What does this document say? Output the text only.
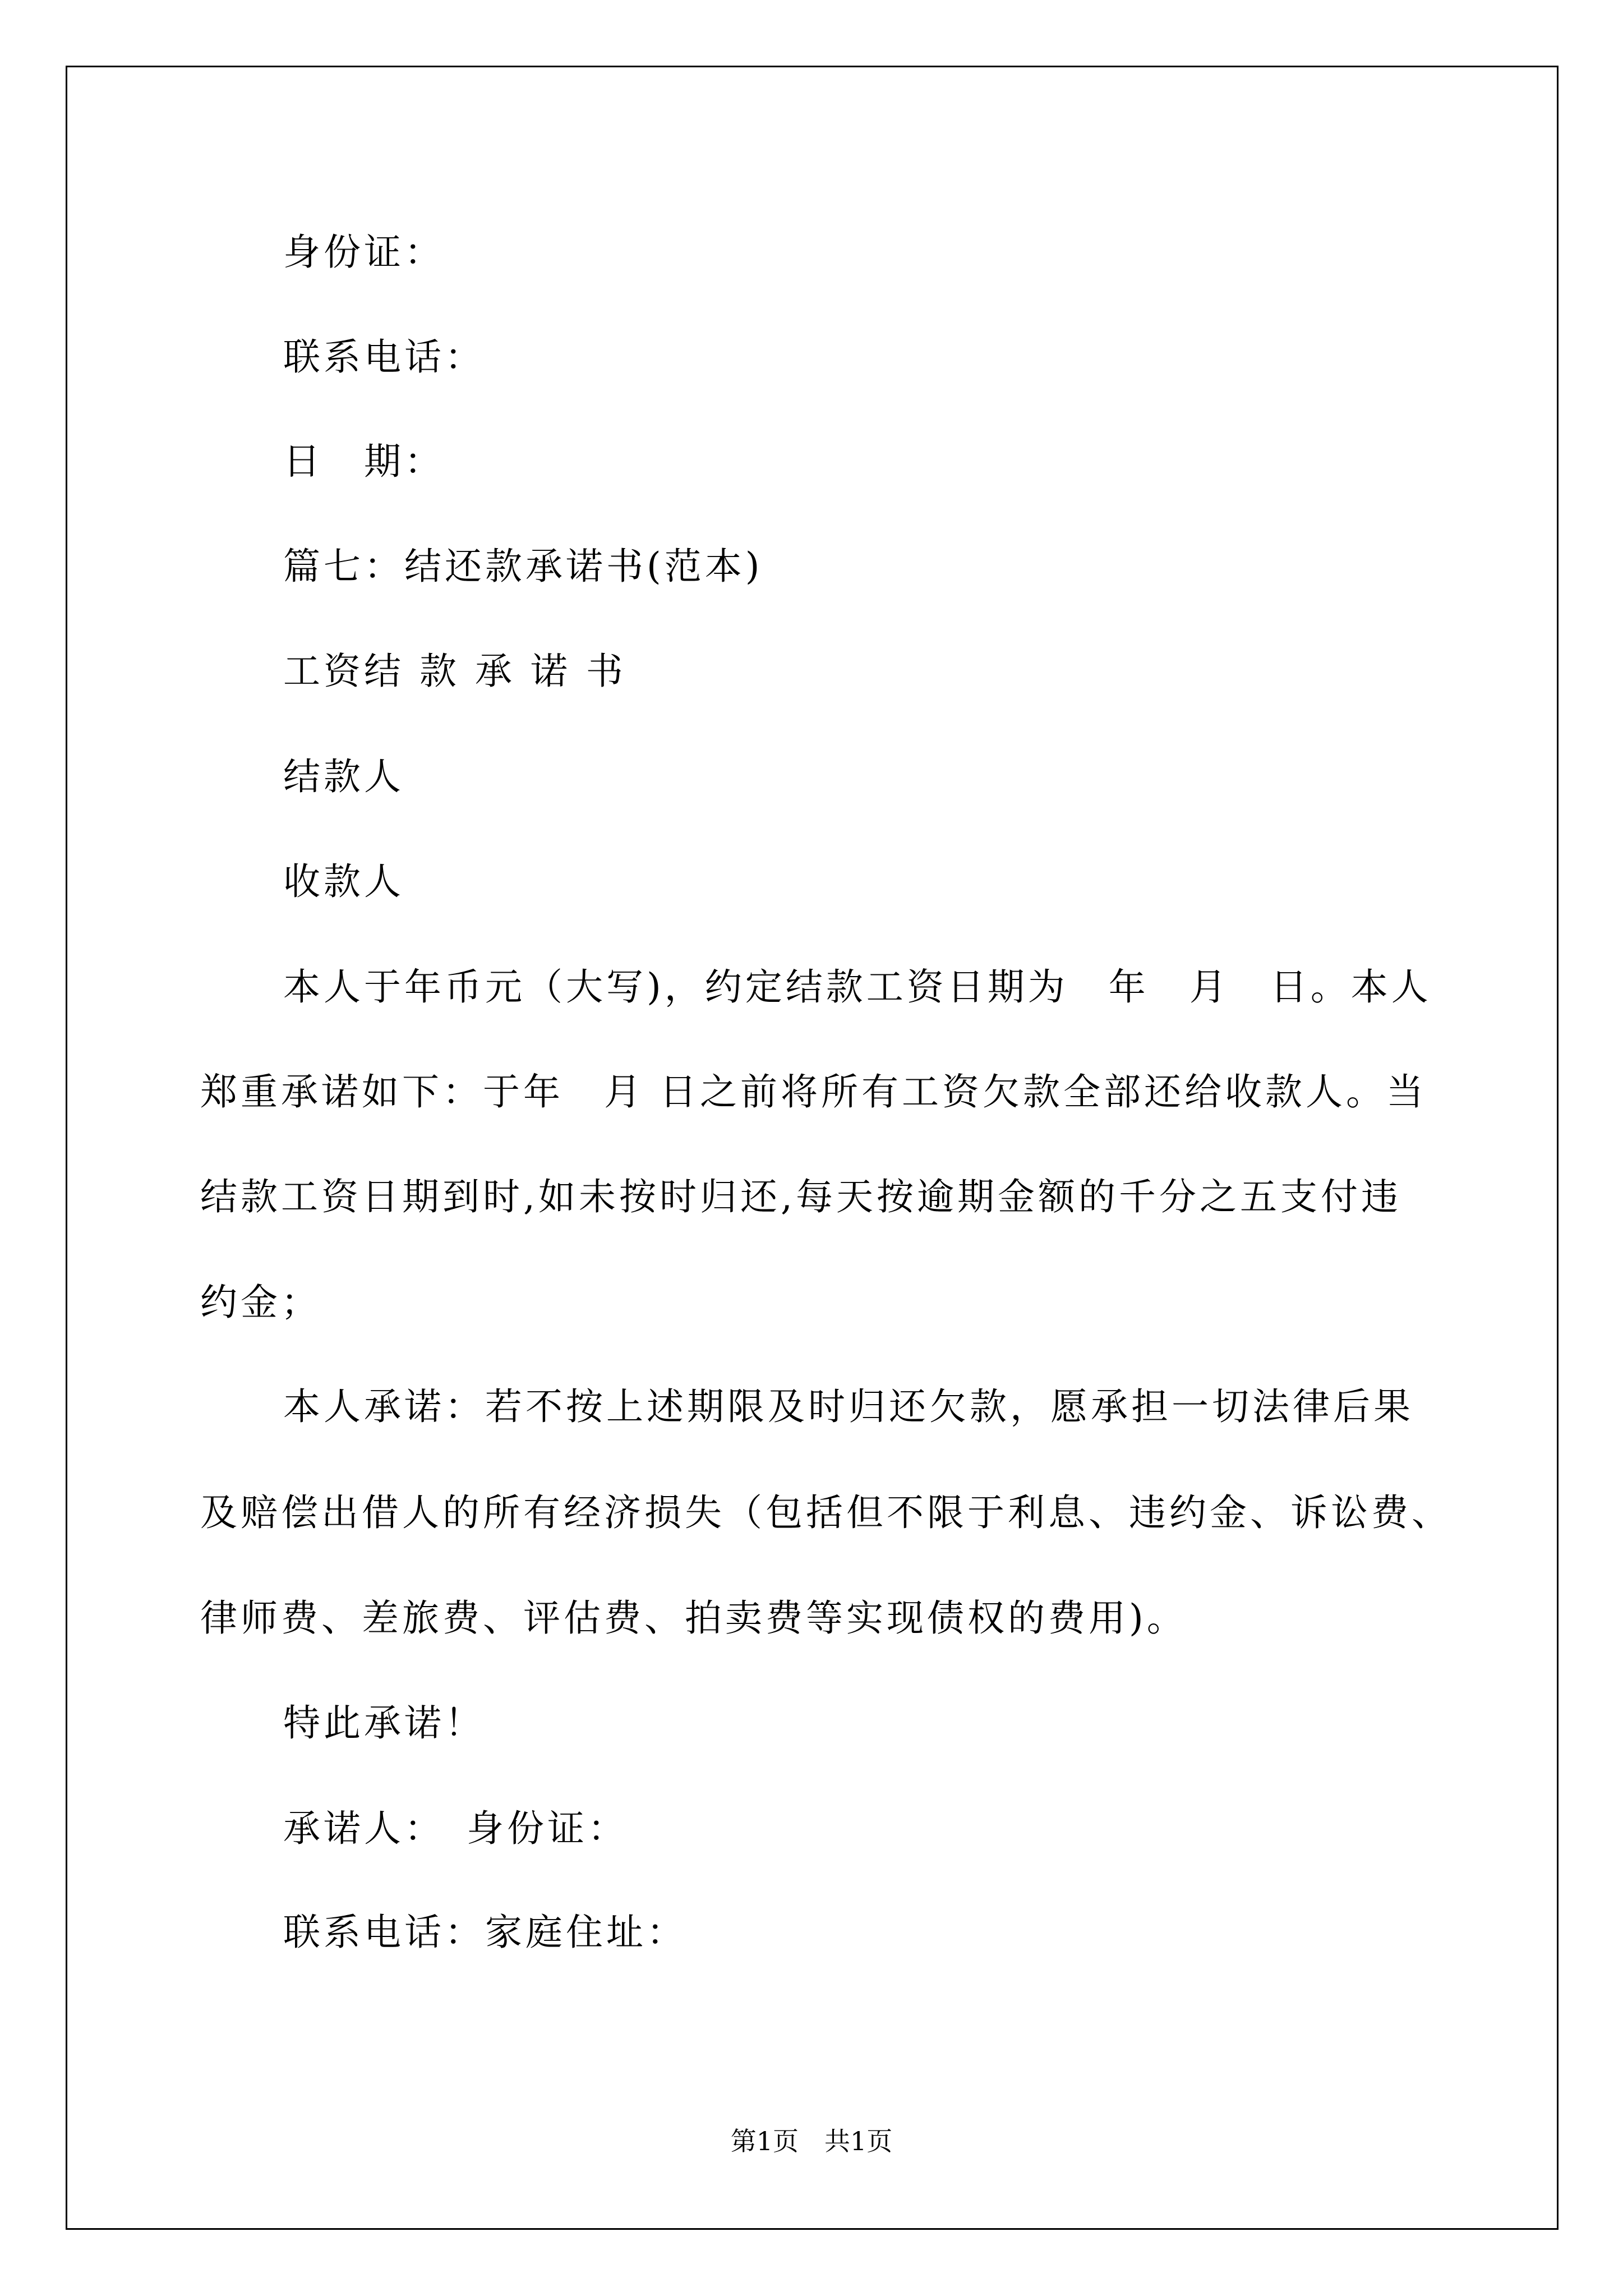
身份证：
联系电话：
日　期：
篇七：结还款承诺书(范本)
工资结 款 承 诺 书
结款人
收款人
本人于年币元（大写)，约定结款工资日期为　年　月　日。本人
郑重承诺如下：于年　月 日之前将所有工资欠款全部还给收款人。当
结款工资日期到时,如未按时归还,每天按逾期金额的千分之五支付违
约金；
本人承诺：若不按上述期限及时归还欠款，愿承担一切法律后果
及赔偿出借人的所有经济损失（包括但不限于利息、违约金、诉讼费、
律师费、差旅费、评估费、拍卖费等实现债权的费用)。
特此承诺！
承诺人：　身份证：
联系电话：家庭住址：
第1页　共1页
